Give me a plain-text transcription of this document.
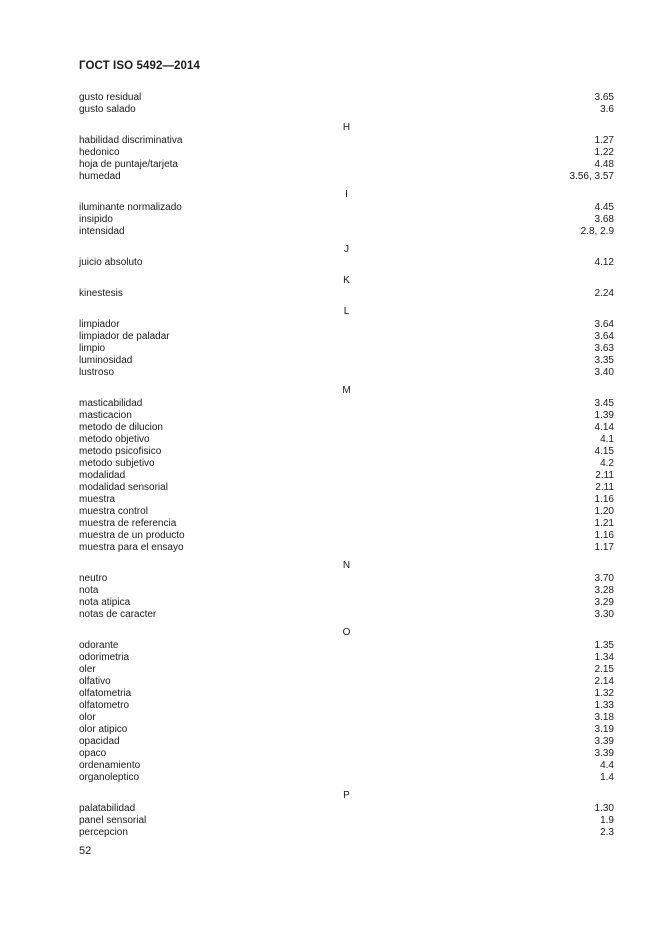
ГОСТ ISO 5492—2014
gusto residual	3.65
gusto salado	3.6
H
habilidad discriminativa	1.27
hedonico	1.22
hoja de puntaje/tarjeta	4.48
humedad	3.56, 3.57
I
iluminante normalizado	4.45
insipido	3.68
intensidad	2.8, 2.9
J
juicio absoluto	4.12
K
kinestesis	2.24
L
limpiador	3.64
limpiador de paladar	3.64
limpio	3.63
luminosidad	3.35
lustroso	3.40
M
masticabilidad	3.45
masticacion	1.39
metodo de dilucion	4.14
metodo objetivo	4.1
metodo psicofisico	4.15
metodo subjetivo	4.2
modalidad	2.11
modalidad sensorial	2.11
muestra	1.16
muestra control	1.20
muestra de referencia	1.21
muestra de un producto	1.16
muestra para el ensayo	1.17
N
neutro	3.70
nota	3.28
nota atipica	3.29
notas de caracter	3.30
O
odorante	1.35
odorimetria	1.34
oler	2.15
olfativo	2.14
olfatometria	1.32
olfatometro	1.33
olor	3.18
olor atipico	3.19
opacidad	3.39
opaco	3.39
ordenamiento	4.4
organoleptico	1.4
P
palatabilidad	1.30
panel sensorial	1.9
percepcion	2.3
52
